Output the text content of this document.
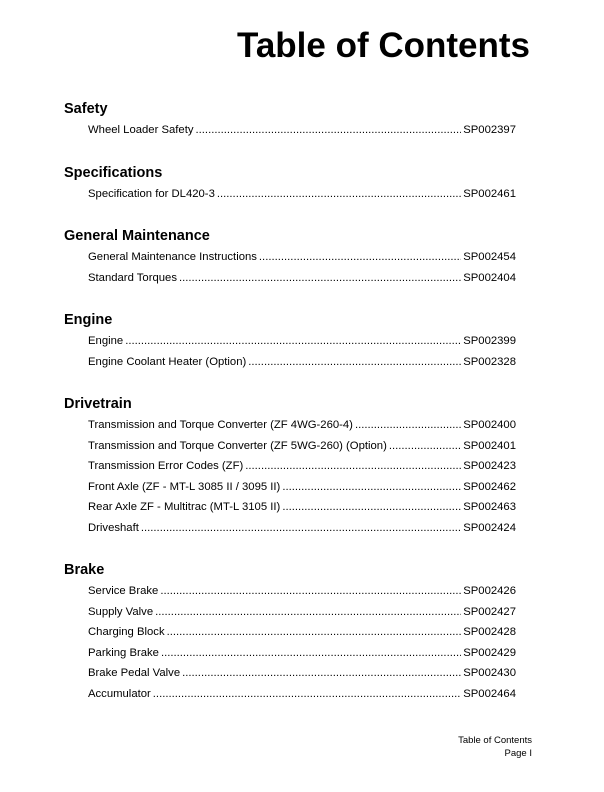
Table of Contents
Safety
Wheel Loader Safety .....	SP002397
Specifications
Specification for DL420-3 .....	SP002461
General Maintenance
General Maintenance Instructions .....	SP002454
Standard Torques .....	SP002404
Engine
Engine .....	SP002399
Engine Coolant Heater (Option) .....	SP002328
Drivetrain
Transmission and Torque Converter (ZF 4WG-260-4) .....	SP002400
Transmission and Torque Converter (ZF 5WG-260) (Option) .....	SP002401
Transmission Error Codes (ZF) .....	SP002423
Front Axle (ZF - MT-L 3085 II / 3095 II) .....	SP002462
Rear Axle ZF - Multitrac (MT-L 3105 II) .....	SP002463
Driveshaft .....	SP002424
Brake
Service Brake .....	SP002426
Supply Valve .....	SP002427
Charging Block .....	SP002428
Parking Brake .....	SP002429
Brake Pedal Valve .....	SP002430
Accumulator .....	SP002464
Table of Contents
Page I
